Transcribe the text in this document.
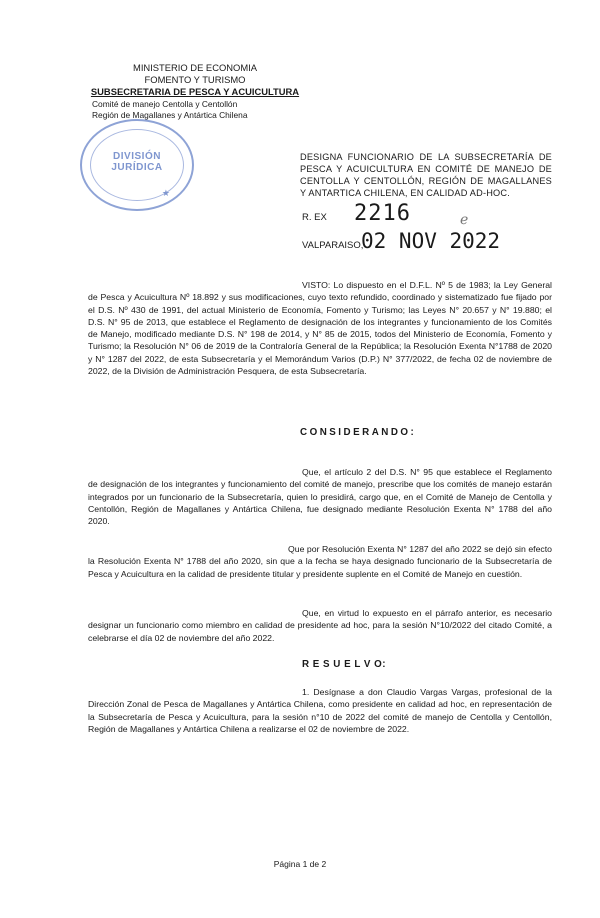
MINISTERIO DE ECONOMIA
FOMENTO Y TURISMO
SUBSECRETARIA DE PESCA Y ACUICULTURA
Comité de manejo Centolla y Centollón
Región de Magallanes y Antártica Chilena
DIVISIÓN
JURÍDICA
★
DESIGNA FUNCIONARIO DE LA SUBSECRETARÍA DE PESCA Y ACUICULTURA EN COMITÉ DE MANEJO DE CENTOLLA Y CENTOLLÓN, REGIÓN DE MAGALLANES Y ANTARTICA CHILENA, EN CALIDAD AD-HOC.
R. EX 2216	ℯ
VALPARAISO,
02 NOV 2022
VISTO: Lo dispuesto en el D.F.L. Nº 5 de 1983; la Ley General de Pesca y Acuicultura Nº 18.892 y sus modificaciones, cuyo texto refundido, coordinado y sistematizado fue fijado por el D.S. Nº 430 de 1991, del actual Ministerio de Economía, Fomento y Turismo; las Leyes N° 20.657 y N° 19.880; el D.S. N° 95 de 2013, que establece el Reglamento de designación de los integrantes y funcionamiento de los Comités de Manejo, modificado mediante D.S. N° 198 de 2014, y N° 85 de 2015, todos del Ministerio de Economía, Fomento y Turismo; la Resolución N° 06 de 2019 de la Contraloría General de la República; la Resolución Exenta N°1788 de 2020 y N° 1287 del 2022, de esta Subsecretaría y el Memorándum Varios (D.P.) N° 377/2022, de fecha 02 de noviembre de 2022, de la División de Administración Pesquera, de esta Subsecretaría.
CONSIDERANDO:
Que, el artículo 2 del D.S. N° 95 que establece el Reglamento de designación de los integrantes y funcionamiento del comité de manejo, prescribe que los comités de manejo estarán integrados por un funcionario de la Subsecretaría, quien lo presidirá, cargo que, en el Comité de Manejo de Centolla y Centollón, Región de Magallanes y Antártica Chilena, fue designado mediante Resolución Exenta N° 1788 del año 2020.
Que por Resolución Exenta N° 1287 del año 2022 se dejó sin efecto la Resolución Exenta N° 1788 del año 2020, sin que a la fecha se haya designado funcionario de la Subsecretaría de Pesca y Acuicultura en la calidad de presidente titular y presidente suplente en el Comité de Manejo en cuestión.
Que, en virtud lo expuesto en el párrafo anterior, es necesario designar un funcionario como miembro en calidad de presidente ad hoc, para la sesión N°10/2022 del citado Comité, a celebrarse el día 02 de noviembre del año 2022.
R E S U E L V O:
1. Desígnase a don Claudio Vargas Vargas, profesional de la Dirección Zonal de Pesca de Magallanes y Antártica Chilena, como presidente en calidad ad hoc, en representación de la Subsecretaría de Pesca y Acuicultura, para la sesión n°10 de 2022 del comité de manejo de Centolla y Centollón, Región de Magallanes y Antártica Chilena a realizarse el 02 de noviembre de 2022.
Página 1 de 2
